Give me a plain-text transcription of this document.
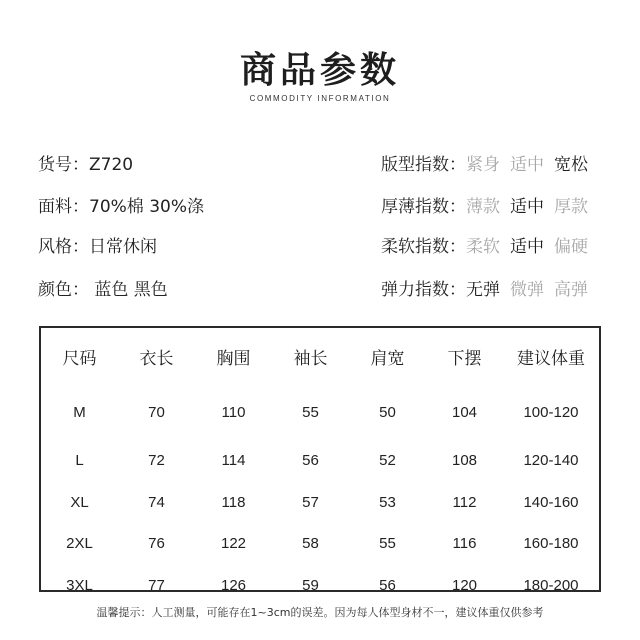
商品参数
COMMODITY INFORMATION
货号：Z720
面料：70%棉 30%涤
风格：日常休闲
颜色： 蓝色 黑色
版型指数：紧身 适中 宽松
厚薄指数：薄款 适中 厚款
柔软指数：柔软 适中 偏硬
弹力指数：无弹 微弹 高弹
尺码	衣长	胸围	袖长	肩宽	下摆	建议体重
M	70	110	55	50	104	100-120
L	72	114	56	52	108	120-140
XL	74	118	57	53	112	140-160
2XL	76	122	58	55	116	160-180
3XL	77	126	59	56	120	180-200
温馨提示：人工测量，可能存在1~3cm的误差。因为每人体型身材不一，建议体重仅供参考
